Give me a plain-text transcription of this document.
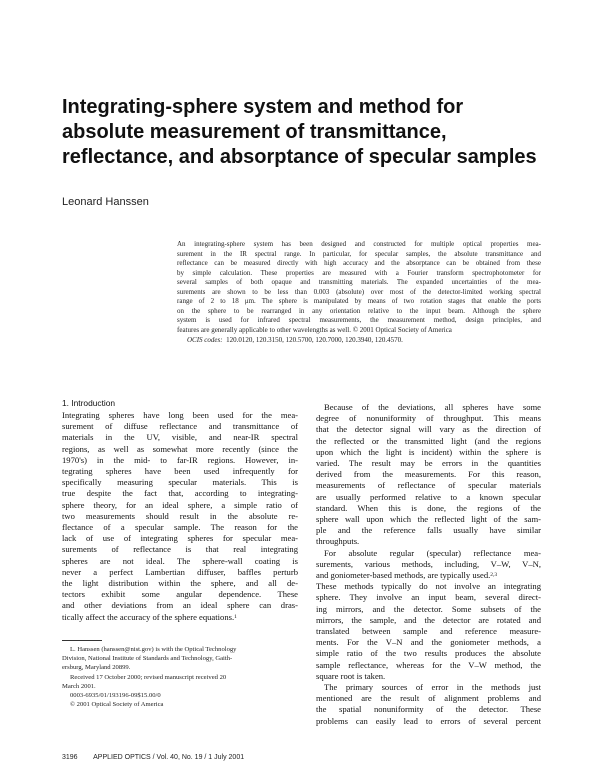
Integrating-sphere system and method for
absolute measurement of transmittance,
reflectance, and absorptance of specular samples
Leonard Hanssen

An integrating-sphere system has been designed and constructed for multiple optical properties mea-
surement in the IR spectral range. In particular, for specular samples, the absolute transmittance and
reflectance can be measured directly with high accuracy and the absorptance can be obtained from these
by simple calculation. These properties are measured with a Fourier transform spectrophotometer for
several samples of both opaque and transmitting materials. The expanded uncertainties of the mea-
surements are shown to be less than 0.003 (absolute) over most of the detector-limited working spectral
range of 2 to 18 μm. The sphere is manipulated by means of two rotation stages that enable the ports
on the sphere to be rearranged in any orientation relative to the input beam. Although the sphere
system is used for infrared spectral measurements, the measurement method, design principles, and
features are generally applicable to other wavelengths as well. © 2001 Optical Society of America

OCIS codes: 120.0120, 120.3150, 120.5700, 120.7000, 120.3940, 120.4570.
1. Introduction
Integrating spheres have long been used for the mea-
surement of diffuse reflectance and transmittance of
materials in the UV, visible, and near-IR spectral
regions, as well as somewhat more recently (since the
1970's) in the mid- to far-IR regions. However, in-
tegrating spheres have been used infrequently for
specifically measuring specular materials. This is
true despite the fact that, according to integrating-
sphere theory, for an ideal sphere, a simple ratio of
two measurements should result in the absolute re-
flectance of a specular sample. The reason for the
lack of use of integrating spheres for specular mea-
surements of reflectance is that real integrating
spheres are not ideal. The sphere-wall coating is
never a perfect Lambertian diffuser, baffles perturb
the light distribution within the sphere, and all de-
tectors exhibit some angular dependence. These
and other deviations from an ideal sphere can dras-
tically affect the accuracy of the sphere equations.$^1$
L. Hanssen (hanssen@nist.gov) is with the Optical Technology
Division, National Institute of Standards and Technology, Gaith-
ersburg, Maryland 20899.
Received 17 October 2000; revised manuscript received 20
March 2001.
0003-6935/01/193196-09$15.00/0
© 2001 Optical Society of America
Because of the deviations, all spheres have some
degree of nonuniformity of throughput. This means
that the detector signal will vary as the direction of
the reflected or the transmitted light (and the regions
upon which the light is incident) within the sphere is
varied. The result may be errors in the quantities
derived from the measurements. For this reason,
measurements of reflectance of specular materials
are usually performed relative to a known specular
standard. When this is done, the regions of the
sphere wall upon which the reflected light of the sam-
ple and the reference falls usually have similar
throughputs.
For absolute regular (specular) reflectance mea-
surements, various methods, including, V–W, V–N,
and goniometer-based methods, are typically used.$^{2,3}$
These methods typically do not involve an integrating
sphere. They involve an input beam, several direct-
ing mirrors, and the detector. Some subsets of the
mirrors, the sample, and the detector are rotated and
translated between sample and reference measure-
ments. For the V–N and the goniometer methods, a
simple ratio of the two results produces the absolute
sample reflectance, whereas for the V–W method, the
square root is taken.
The primary sources of error in the methods just
mentioned are the result of alignment problems and
the spatial nonuniformity of the detector. These
problems can easily lead to errors of several percent
3196 APPLIED OPTICS / Vol. 40, No. 19 / 1 July 2001
